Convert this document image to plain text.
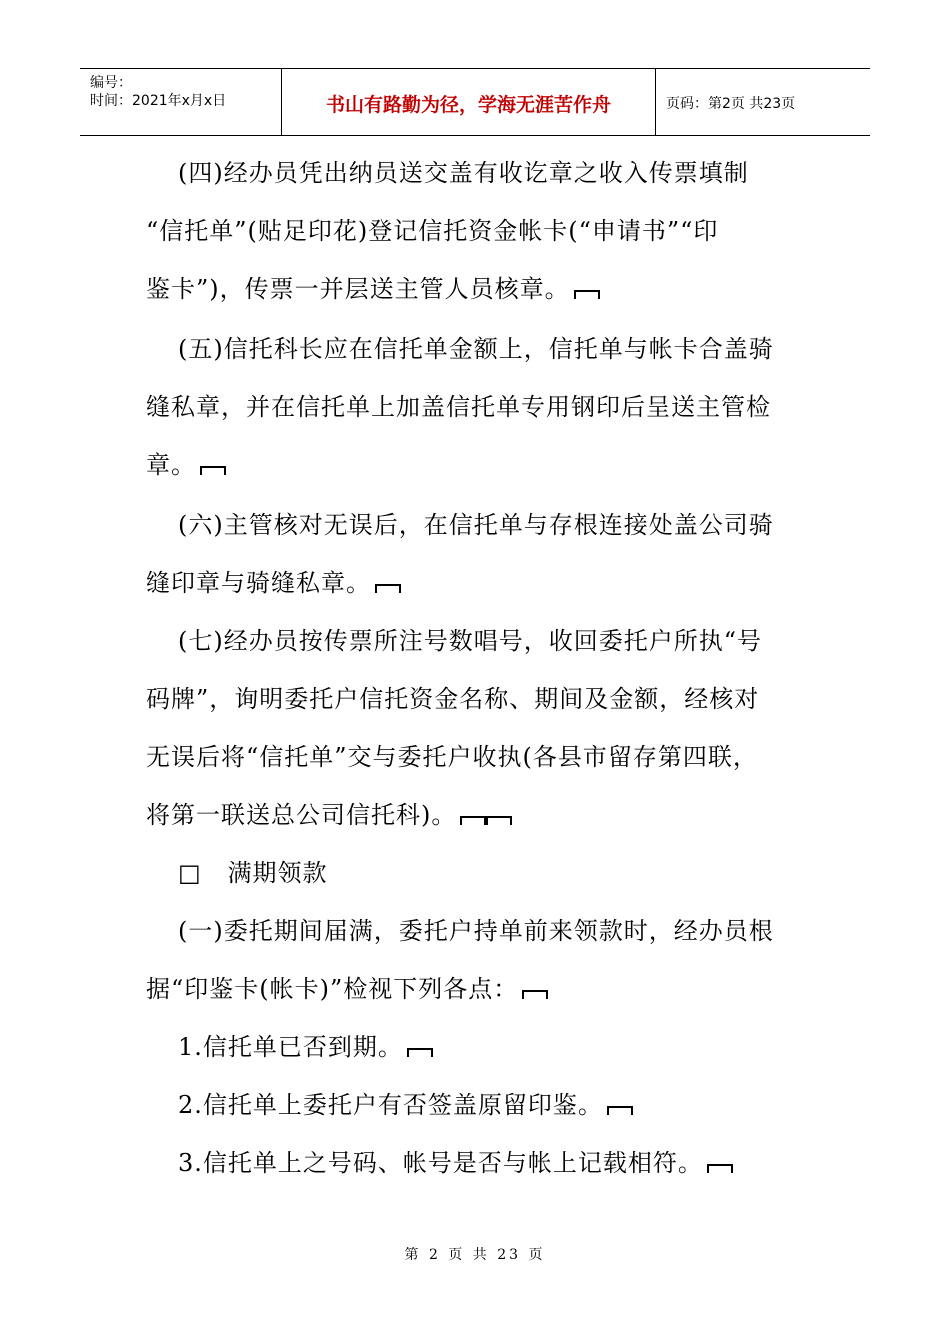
编号：
时间：2021年x月x日	书山有路勤为径，学海无涯苦作舟	页码：第2页 共23页
(四)经办员凭出纳员送交盖有收讫章之收入传票填制
“信托单”(贴足印花)登记信托资金帐卡(“申请书”“印
鉴卡”)，传票一并层送主管人员核章。
(五)信托科长应在信托单金额上，信托单与帐卡合盖骑
缝私章，并在信托单上加盖信托单专用钢印后呈送主管检
章。
(六)主管核对无误后，在信托单与存根连接处盖公司骑
缝印章与骑缝私章。
(七)经办员按传票所注号数唱号，收回委托户所执“号
码牌”，询明委托户信托资金名称、期间及金额，经核对
无误后将“信托单”交与委托户收执(各县市留存第四联，
将第一联送总公司信托科)。
□   满期领款
(一)委托期间届满，委托户持单前来领款时，经办员根
据“印鉴卡(帐卡)”检视下列各点：
1.信托单已否到期。
2.信托单上委托户有否签盖原留印鉴。
3.信托单上之号码、帐号是否与帐上记载相符。
第 2 页 共 23 页
